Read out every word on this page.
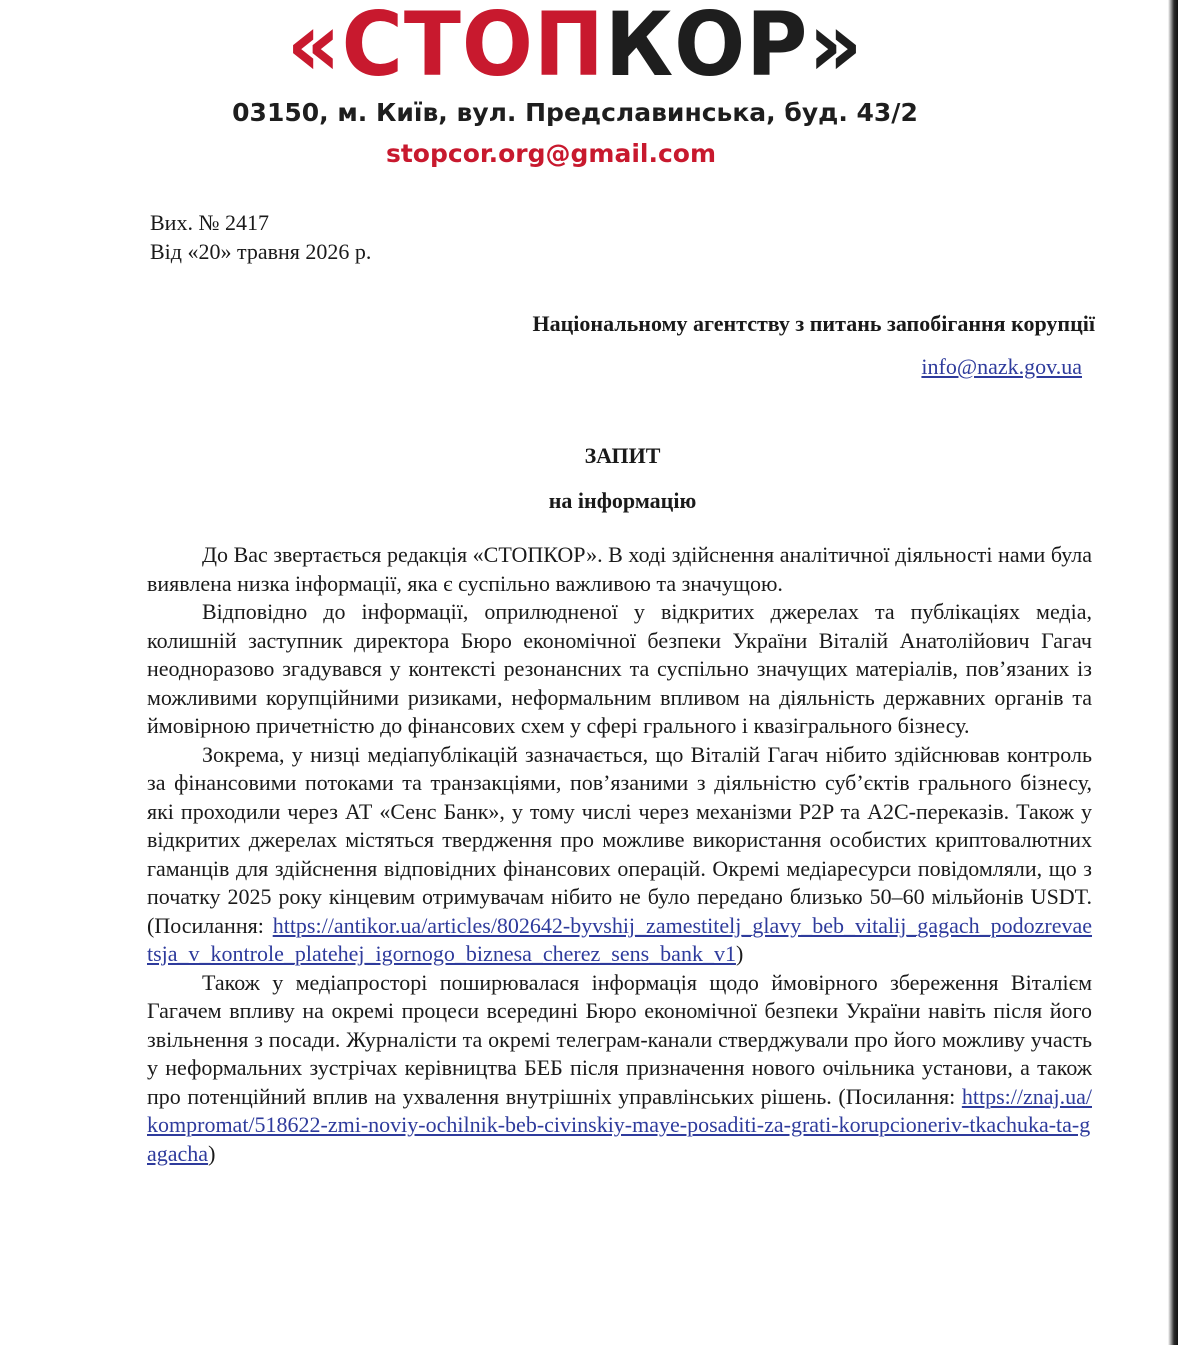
«СТОПКОР»
03150, м. Київ, вул. Предславинська, буд. 43/2
stopcor.org@gmail.com
Вих. № 2417
Від «20» травня 2026 р.
Національному агентству з питань запобігання корупції
info@nazk.gov.ua
ЗАПИТ
на інформацію

До Вас звертається редакція «СТОПКОР». В ході здійснення аналітичної діяльності нами була виявлена низка інформації, яка є суспільно важливою та значущою.

Відповідно до інформації, оприлюдненої у відкритих джерелах та публікаціях медіа, колишній заступник директора Бюро економічної безпеки України Віталій Анатолійович Гагач неодноразово згадувався у контексті резонансних та суспільно значущих матеріалів, пов’язаних із можливими корупційними ризиками, неформальним впливом на діяльність державних органів та ймовірною причетністю до фінансових схем у сфері грального і квазігрального бізнесу.

Зокрема, у низці медіапублікацій зазначається, що Віталій Гагач нібито здійснював контроль за фінансовими потоками та транзакціями, пов’язаними з діяльністю суб’єктів грального бізнесу, які проходили через АТ «Сенс Банк», у тому числі через механізми P2P та A2C-переказів. Також у відкритих джерелах містяться твердження про можливе використання особистих криптовалютних гаманців для здійснення відповідних фінансових операцій. Окремі медіаресурси повідомляли, що з початку 2025 року кінцевим отримувачам нібито не було передано близько 50–60 мільйонів USDT. (Посилання: https://antikor.ua/articles/802642-byvshij_zamestitelj_glavy_beb_vitalij_gagach_podozrevaetsja_v_kontrole_platehej_igornogo_biznesa_cherez_sens_bank_v1)

Також у медіапросторі поширювалася інформація щодо ймовірного збереження Віталієм Гагачем впливу на окремі процеси всередині Бюро економічної безпеки України навіть після його звільнення з посади. Журналісти та окремі телеграм-канали стверджували про його можливу участь у неформальних зустрічах керівництва БЕБ після призначення нового очільника установи, а також про потенційний вплив на ухвалення внутрішніх управлінських рішень. (Посилання: https://znaj.ua/kompromat/518622-zmi-noviy-ochilnik-beb-civinskiy-maye-posaditi-za-grati-korupcioneriv-tkachuka-ta-gagacha)
